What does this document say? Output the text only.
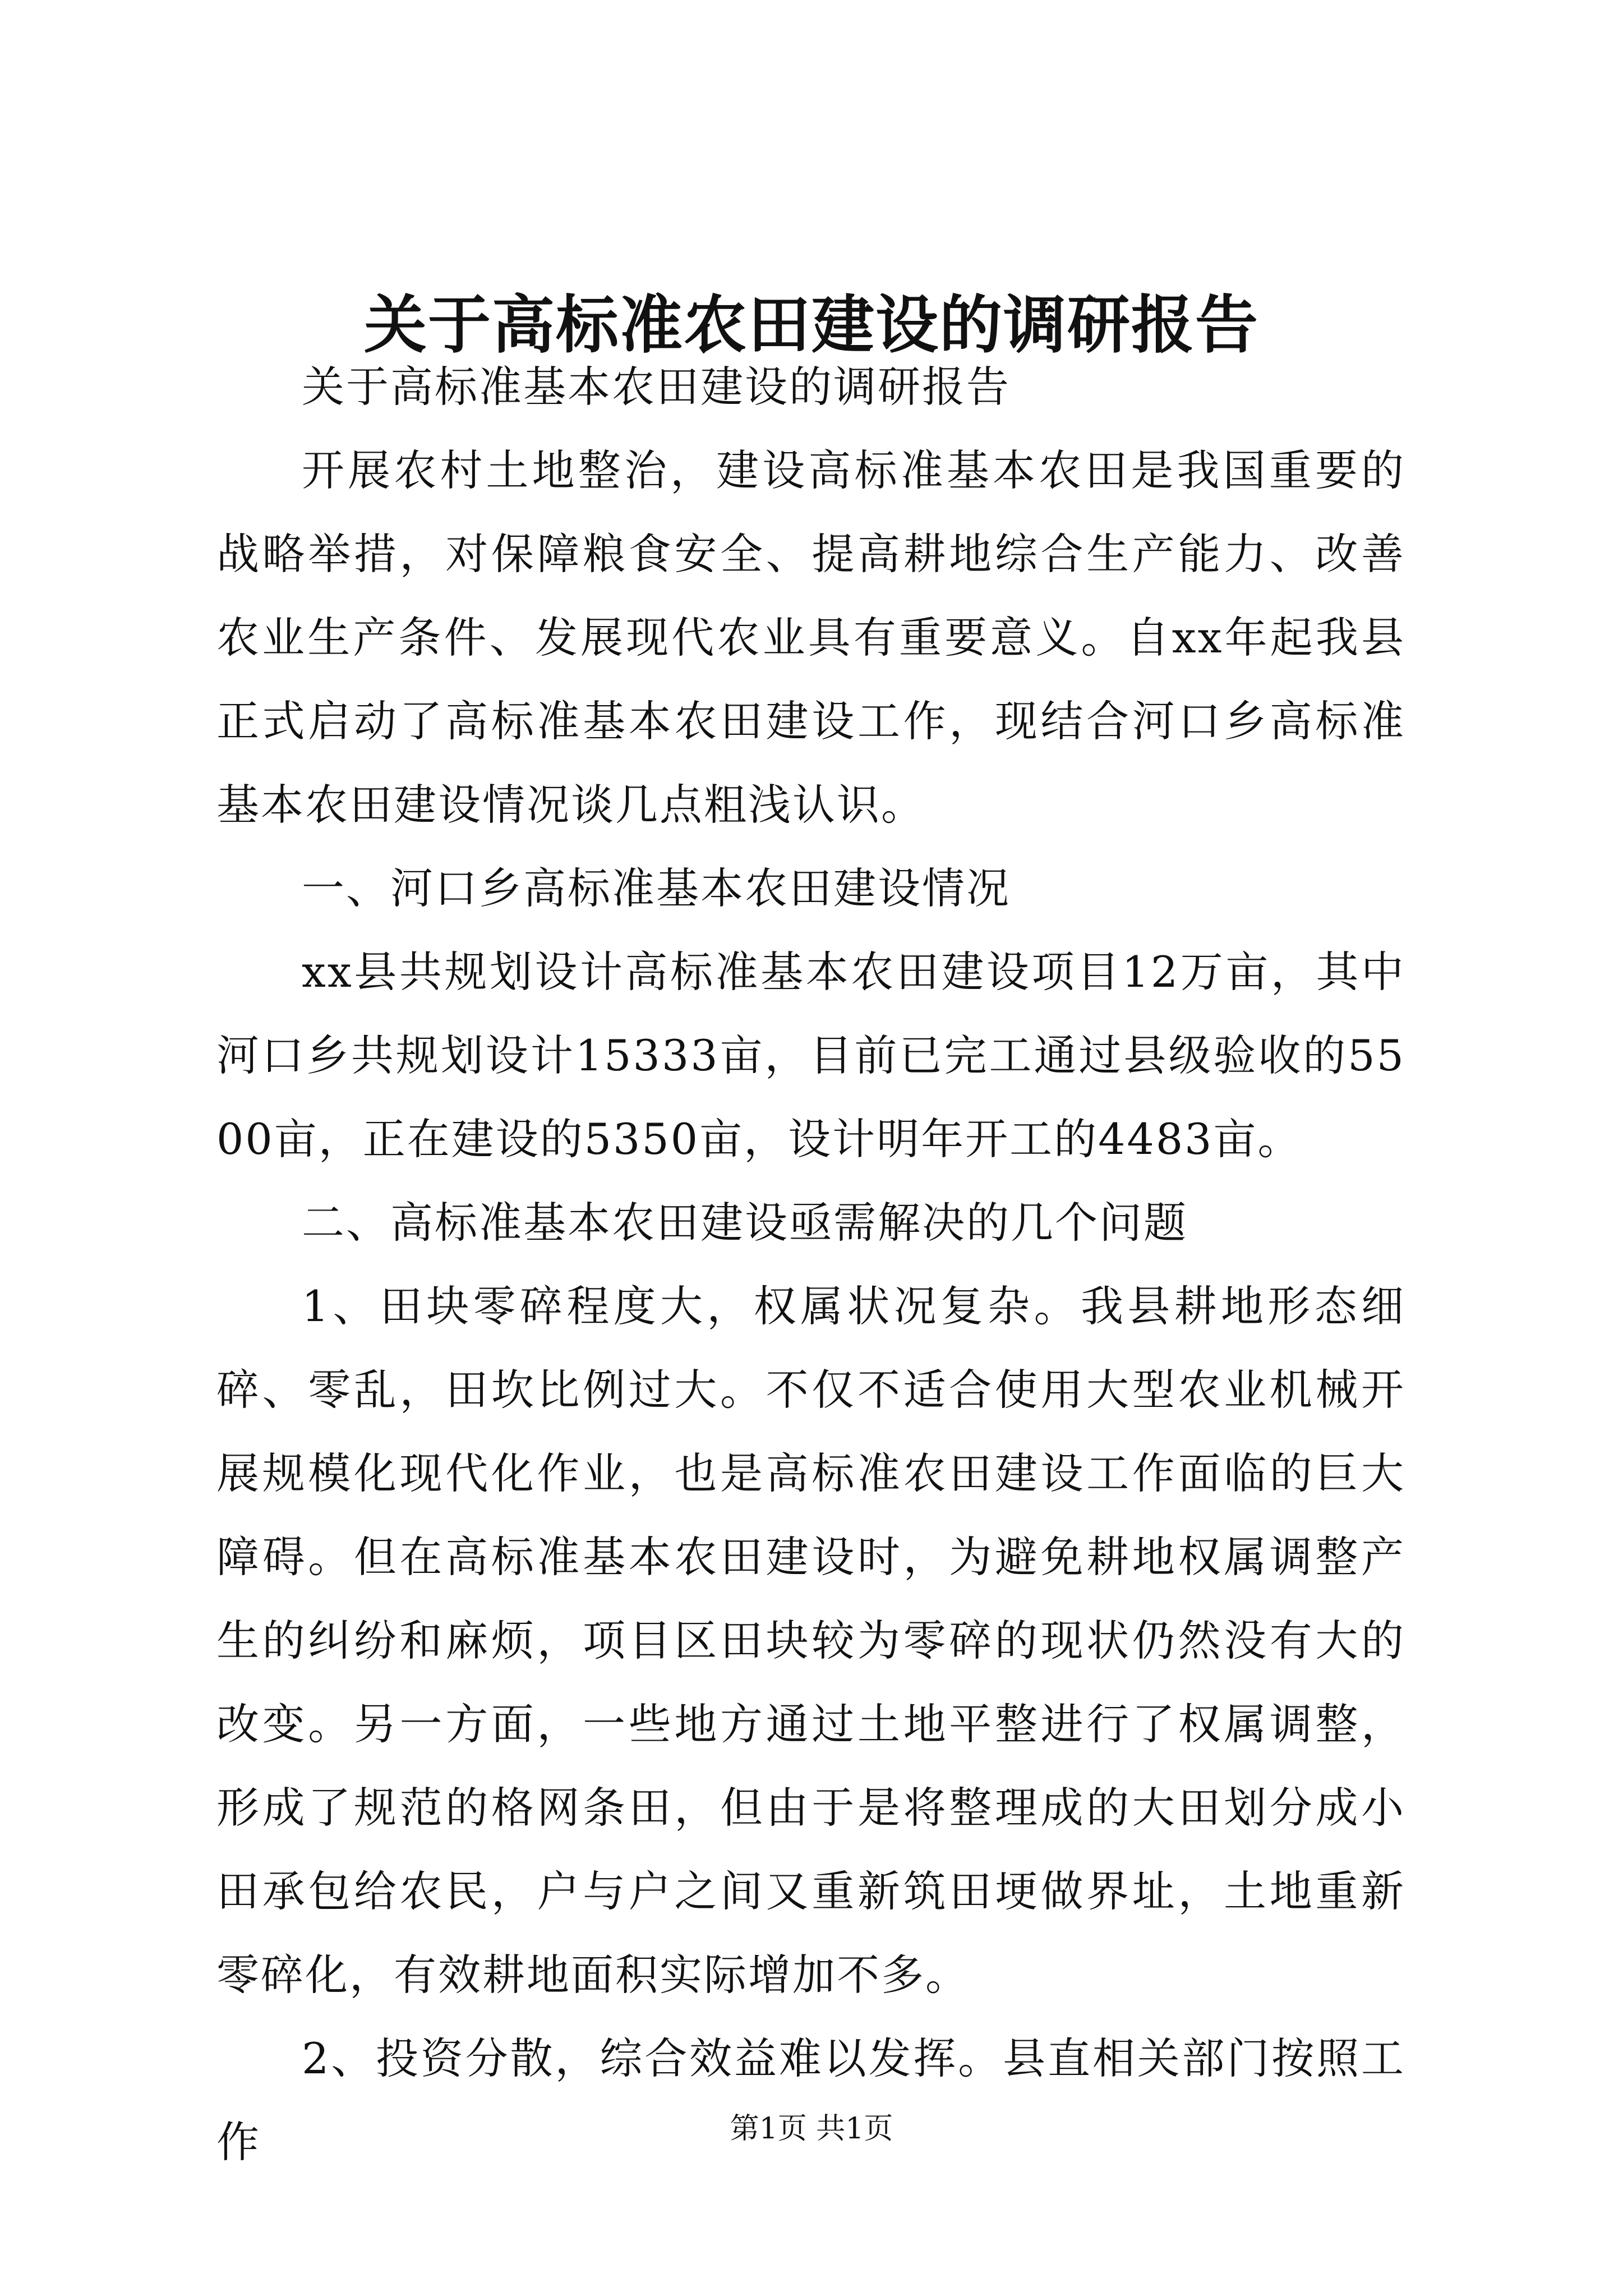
关于高标准农田建设的调研报告

关于高标准基本农田建设的调研报告

开展农村土地整治，建设高标准基本农田是我国重要的战略举措，对保障粮食安全、提高耕地综合生产能力、改善农业生产条件、发展现代农业具有重要意义。自xx年起我县正式启动了高标准基本农田建设工作，现结合河口乡高标准基本农田建设情况谈几点粗浅认识。

一、河口乡高标准基本农田建设情况

xx县共规划设计高标准基本农田建设项目12万亩，其中河口乡共规划设计15333亩，目前已完工通过县级验收的5500亩，正在建设的5350亩，设计明年开工的4483亩。

二、高标准基本农田建设亟需解决的几个问题

1、田块零碎程度大，权属状况复杂。我县耕地形态细碎、零乱，田坎比例过大。不仅不适合使用大型农业机械开展规模化现代化作业，也是高标准农田建设工作面临的巨大障碍。但在高标准基本农田建设时，为避免耕地权属调整产生的纠纷和麻烦，项目区田块较为零碎的现状仍然没有大的改变。另一方面，一些地方通过土地平整进行了权属调整，形成了规范的格网条田，但由于是将整理成的大田划分成小田承包给农民，户与户之间又重新筑田埂做界址，土地重新零碎化，有效耕地面积实际增加不多。

2、投资分散，综合效益难以发挥。县直相关部门按照工作	第1页 共1页
